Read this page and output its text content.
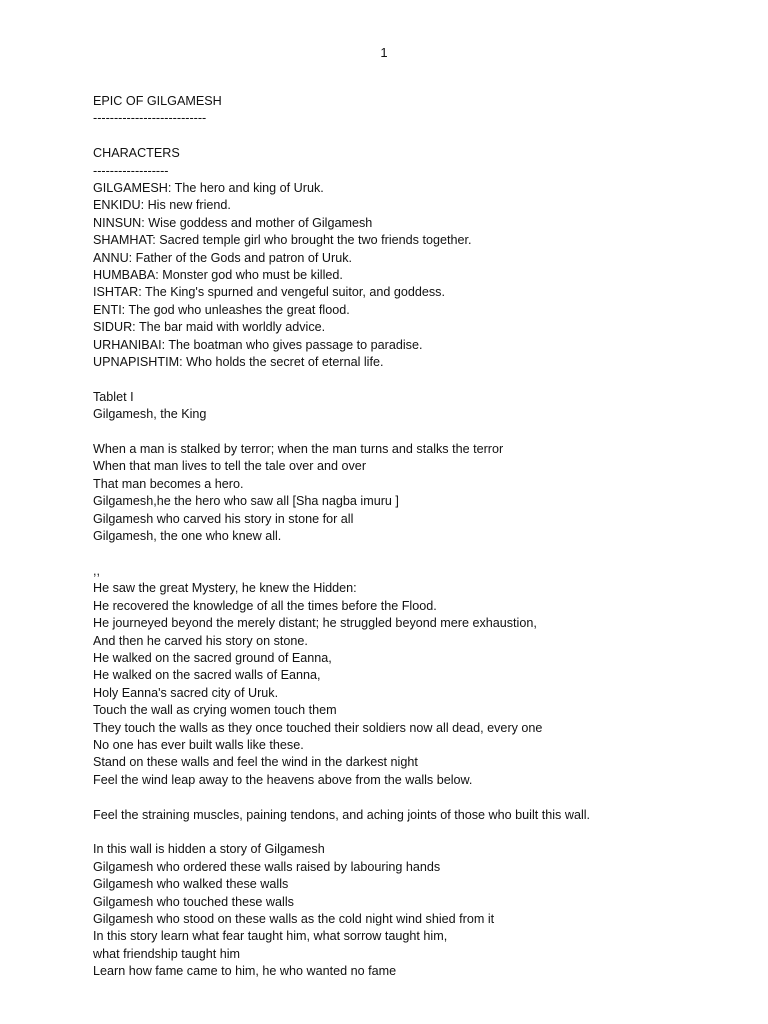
1
EPIC OF GILGAMESH
---------------------------
CHARACTERS
------------------
GILGAMESH: The hero and king of Uruk.
ENKIDU: His new friend.
NINSUN: Wise goddess and mother of Gilgamesh
SHAMHAT: Sacred temple girl who brought the two friends together.
ANNU: Father of the Gods and patron of Uruk.
HUMBABA: Monster god who must be killed.
ISHTAR: The King's spurned and vengeful suitor, and goddess.
ENTI: The god who unleashes the great flood.
SIDUR: The bar maid with worldly advice.
URHANIBAI: The boatman who gives passage to paradise.
UPNAPISHTIM: Who holds the secret of eternal life.
Tablet I
Gilgamesh, the King
When a man is stalked by terror; when the man turns and stalks the terror
When that man lives to tell the tale over and over
That man becomes a hero.
Gilgamesh,he the hero who saw all [Sha nagba imuru ]
Gilgamesh who carved his story in stone for all
Gilgamesh, the one who knew all.
,,
He saw the great Mystery, he knew the Hidden:
He recovered the knowledge of all the times before the Flood.
He journeyed beyond the merely distant; he struggled beyond mere exhaustion,
And then he carved his story on stone.
He walked on the sacred ground of Eanna,
He walked on the sacred walls of Eanna,
Holy Eanna's sacred city of Uruk.
Touch the wall as crying women touch them
They touch the walls as they once touched their soldiers now all dead, every one
No one has ever built walls like these.
Stand on these walls and feel the wind in the darkest night
Feel the wind leap away to the heavens above from the walls below.
Feel the straining muscles, paining tendons, and aching joints of those who built this wall.
In this wall is hidden a story of Gilgamesh
Gilgamesh who ordered these walls raised by labouring hands
Gilgamesh who walked these walls
Gilgamesh who touched these walls
Gilgamesh who stood on these walls as the cold night wind shied from it
In this story learn what fear taught him, what sorrow taught him,
what friendship taught him
Learn how fame came to him, he who wanted no fame
